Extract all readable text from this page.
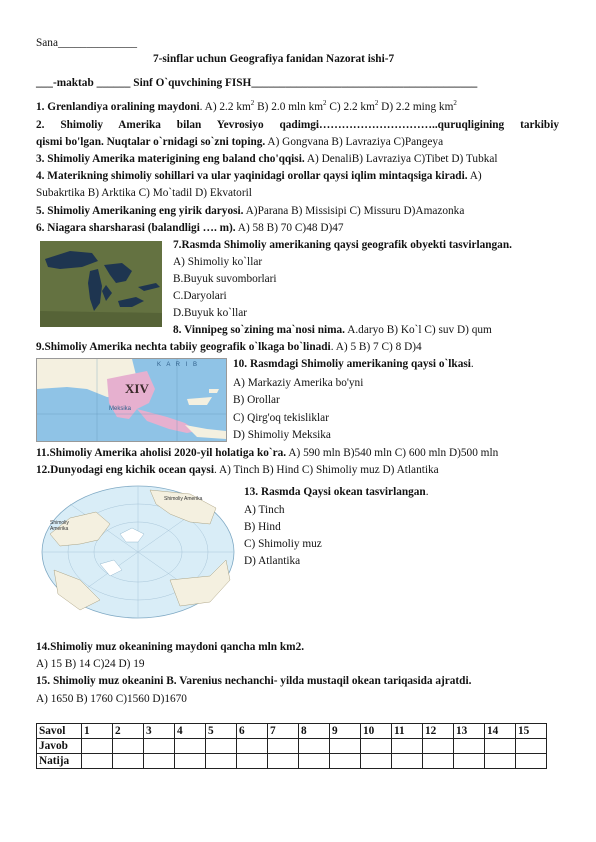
Sana______________
7-sinflar uchun Geografiya fanidan Nazorat ishi-7
___-maktab ______ Sinf O`quvchining FISH________________________________________
1. Grenlandiya oralining maydoni. A) 2.2 $km^2$ B) 2.0 mln $km^2$ C) 2.2 $km^2$ D) 2.2 ming $km^2$
2. Shimoliy Amerika bilan Yevrosiyo qadimgi…………………………..quruqligining tarkibiy
qismi bo'lgan. Nuqtalar o`rnidagi so`zni toping. A) Gongvana B) Lavraziya C)Pangeya
3. Shimoliy Amerika materigining eng baland cho'qqisi. A) DenaliB) Lavraziya C)Tibet D) Tubkal
4. Materikning shimoliy sohillari va ular yaqinidagi orollar qaysi iqlim mintaqsiga kiradi. A)
Subakrtika B) Arktika C) Mo`tadil D) Ekvatoril
5. Shimoliy Amerikaning eng yirik daryosi. A)Parana B) Missisipi C) Missuru D)Amazonka
6. Niagara sharsharasi (balandligi …. m). A) 58 B) 70 C)48 D)47
7.Rasmda Shimoliy amerikaning qaysi geografik obyekti tasvirlangan.
A) Shimoliy ko`llar
B.Buyuk suvomborlari
C.Daryolari
D.Buyuk ko`llar
8. Vinnipeg so`zining ma`nosi nima. A.daryo B) Ko`l C) suv D) qum
9.Shimoliy Amerika nechta tabiiy geografik o`lkaga bo`linadi. A) 5 B) 7 C) 8 D)4
XIV
K A R I B
Meksika
10. Rasmdagi Shimoliy amerikaning qaysi o`lkasi.
A) Markaziy Amerika bo'yni
B) Orollar
C) Qirg'oq tekisliklar
D) Shimoliy Meksika
11.Shimoliy Amerika aholisi 2020-yil holatiga ko`ra. A) 590 mln B)540 mln C) 600 mln D)500 mln
12.Dunyodagi eng kichik ocean qaysi. A) Tinch B) Hind C) Shimoliy muz D) Atlantika
Shimoliy Amerika
Shimoliy Amerika
13. Rasmda Qaysi okean tasvirlangan.
A) Tinch
B) Hind
C) Shimoliy muz
D) Atlantika
14.Shimoliy muz okeanining maydoni qancha mln km2.
A) 15 B) 14 C)24 D) 19
15. Shimoliy muz okeanini B. Varenius nechanchi- yilda mustaqil okean tariqasida ajratdi.
A) 1650 B) 1760 C)1560 D)1670
Savol	1	2	3	4	5	6	7	8	9	10	11	12	13	14	15
Javob															
Natija															
